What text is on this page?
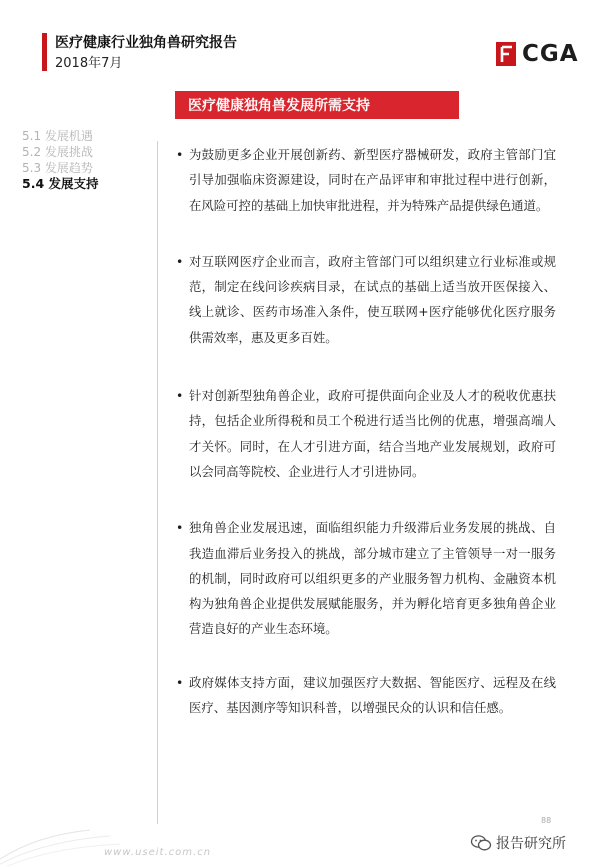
医疗健康行业独角兽研究报告
2018年7月	CGA
医疗健康独角兽发展所需支持
5.1 发展机遇
5.2 发展挑战
5.3 发展趋势
5.4 发展支持
• 为鼓励更多企业开展创新药、新型医疗器械研发，政府主管部门宜引导加强临床资源建设，同时在产品评审和审批过程中进行创新，在风险可控的基础上加快审批进程，并为特殊产品提供绿色通道。
• 对互联网医疗企业而言，政府主管部门可以组织建立行业标准或规范，制定在线问诊疾病目录，在试点的基础上适当放开医保接入、线上就诊、医药市场准入条件，使互联网+医疗能够优化医疗服务供需效率，惠及更多百姓。
• 针对创新型独角兽企业，政府可提供面向企业及人才的税收优惠扶持，包括企业所得税和员工个税进行适当比例的优惠，增强高端人才关怀。同时，在人才引进方面，结合当地产业发展规划，政府可以会同高等院校、企业进行人才引进协同。
• 独角兽企业发展迅速，面临组织能力升级滞后业务发展的挑战、自我造血滞后业务投入的挑战，部分城市建立了主管领导一对一服务的机制，同时政府可以组织更多的产业服务智力机构、金融资本机构为独角兽企业提供发展赋能服务，并为孵化培育更多独角兽企业营造良好的产业生态环境。
• 政府媒体支持方面，建议加强医疗大数据、智能医疗、远程及在线医疗、基因测序等知识科普，以增强民众的认识和信任感。
88
www.useit.com.cn
报告研究所
